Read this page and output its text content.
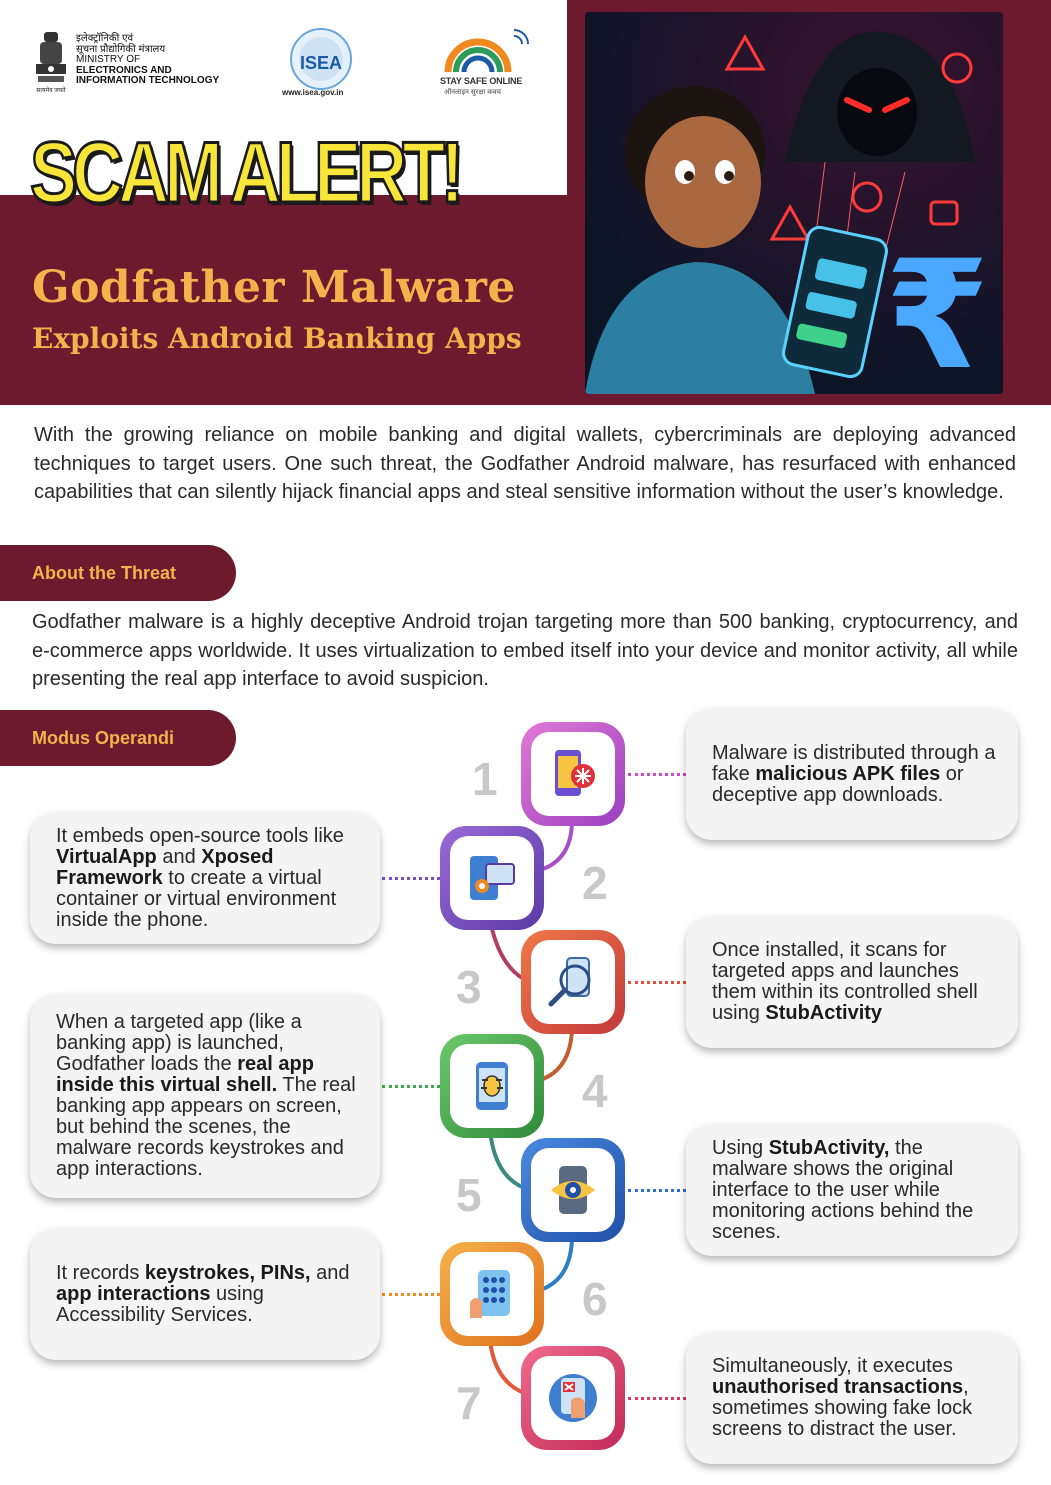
सत्यमेव जयते
इलेक्ट्रॉनिकी एवं
सूचना प्रौद्योगिकी मंत्रालय
MINISTRY OF
ELECTRONICS AND
INFORMATION TECHNOLOGY
ISEA
www.isea.gov.in
STAY SAFE ONLINE
ऑनलाइन सुरक्षा कवच
SCAM ALERT!
Godfather Malware
Exploits Android Banking Apps ₹
With the growing reliance on mobile banking and digital wallets, cybercriminals are deploying advanced techniques to target users. One such threat, the Godfather Android malware, has resurfaced with enhanced capabilities that can silently hijack financial apps and steal sensitive information without the user’s knowledge.
About the Threat
Godfather malware is a highly deceptive Android trojan targeting more than 500 banking, cryptocurrency, and e-commerce apps worldwide. It uses virtualization to embed itself into your device and monitor activity, all while presenting the real app interface to avoid suspicion.
Modus Operandi
1
Malware is distributed through a fake malicious APK files or deceptive app downloads.
2
It embeds open-source tools like VirtualApp and Xposed Framework to create a virtual container or virtual environment inside the phone.
3
Once installed, it scans for targeted apps and launches them within its controlled shell using StubActivity
4
When a targeted app (like a banking app) is launched, Godfather loads the real app inside this virtual shell. The real banking app appears on screen, but behind the scenes, the malware records keystrokes and app interactions.	5
Using StubActivity, the malware shows the original interface to the user while monitoring actions behind the scenes.
6
It records keystrokes, PINs, and app interactions using Accessibility Services.
7
Simultaneously, it executes unauthorised transactions, sometimes showing fake lock screens to distract the user.
